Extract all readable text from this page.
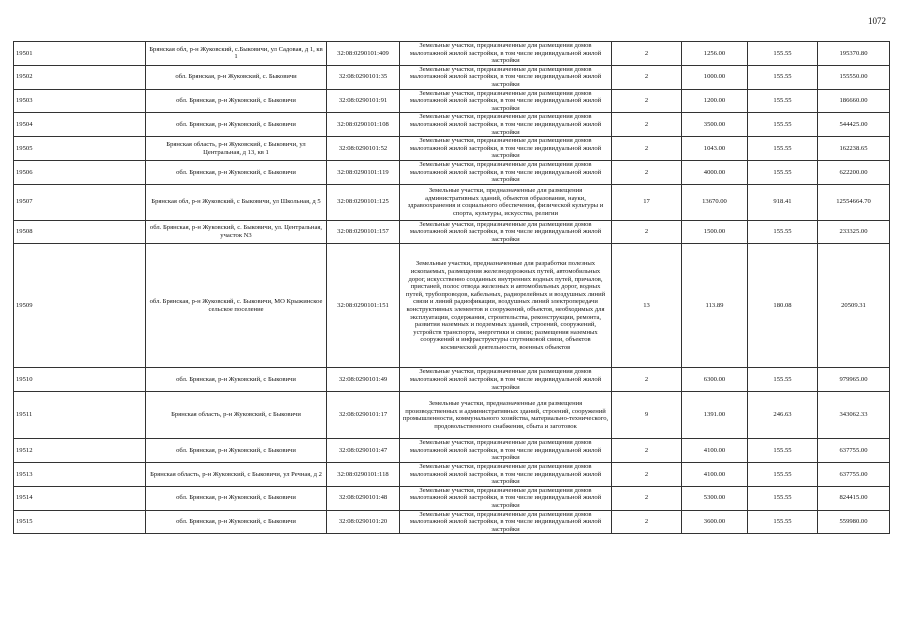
1072
19501	Брянская обл, р-н Жуковский, с.Быковичи, ул Садовая, д 1, кв 1	32:08:0290101:409	Земельные участки, предназначенные для размещения домов малоэтажной жилой застройки, в том числе индивидуальной жилой застройки	2	1256.00	155.55	195370.80
19502	обл. Брянская, р-н Жуковский, с. Быковичи	32:08:0290101:35	Земельные участки, предназначенные для размещения домов малоэтажной жилой застройки, в том числе индивидуальной жилой застройки	2	1000.00	155.55	155550.00
19503	обл. Брянская, р-н Жуковский, с Быковичи	32:08:0290101:91	Земельные участки, предназначенные для размещения домов малоэтажной жилой застройки, в том числе индивидуальной жилой застройки	2	1200.00	155.55	186660.00
19504	обл. Брянская, р-н Жуковский, с Быковичи	32:08:0290101:108	Земельные участки, предназначенные для размещения домов малоэтажной жилой застройки, в том числе индивидуальной жилой застройки	2	3500.00	155.55	544425.00
19505	Брянская область, р-н Жуковский, с Быковичи, ул Центральная, д 13, кв 1	32:08:0290101:52	Земельные участки, предназначенные для размещения домов малоэтажной жилой застройки, в том числе индивидуальной жилой застройки	2	1043.00	155.55	162238.65
19506	обл. Брянская, р-н Жуковский, с Быковичи	32:08:0290101:119	Земельные участки, предназначенные для размещения домов малоэтажной жилой застройки, в том числе индивидуальной жилой застройки	2	4000.00	155.55	622200.00
19507	Брянская обл, р-н Жуковский, с Быковичи, ул Школьная, д 5	32:08:0290101:125	Земельные участки, предназначенные для размещения административных зданий, объектов образования, науки, здравоохранения и социального обеспечения, физической культуры и спорта, культуры, искусства, религии	17	13670.00	918.41	12554664.70
19508	обл. Брянская, р-н Жуковский, с. Быковичи, ул. Центральная, участок N3	32:08:0290101:157	Земельные участки, предназначенные для размещения домов малоэтажной жилой застройки, в том числе индивидуальной жилой застройки	2	1500.00	155.55	233325.00
19509	обл. Брянская, р-н Жуковский, с. Быковичи, МО Крыжинское сельское поселение	32:08:0290101:151	Земельные участки, предназначенные для разработки полезных ископаемых, размещения железнодорожных путей, автомобильных дорог, искусственно созданных внутренних водных путей, причалов, пристаней, полос отвода железных и автомобильных дорог, водных путей, трубопроводов, кабельных, радиорелейных и воздушных линий связи и линий радиофикации, воздушных линий электропередачи конструктивных элементов и сооружений, объектов, необходимых для эксплуатации, содержания, строительства, реконструкции, ремонта, развития наземных и подземных зданий, строений, сооружений, устройств транспорта, энергетики и связи; размещения наземных сооружений и инфраструктуры спутниковой связи, объектов космической деятельности, военных объектов	13	113.89	180.08	20509.31
19510	обл. Брянская, р-н Жуковский, с Быковичи	32:08:0290101:49	Земельные участки, предназначенные для размещения домов малоэтажной жилой застройки, в том числе индивидуальной жилой застройки	2	6300.00	155.55	979965.00
19511	Брянская область, р-н Жуковский, с Быковичи	32:08:0290101:17	Земельные участки, предназначенные для размещения производственных и административных зданий, строений, сооружений промышленности, коммунального хозяйства, материально-технического, продовольственного снабжения, сбыта и заготовок	9	1391.00	246.63	343062.33
19512	обл. Брянская, р-н Жуковский, с Быковичи	32:08:0290101:47	Земельные участки, предназначенные для размещения домов малоэтажной жилой застройки, в том числе индивидуальной жилой застройки	2	4100.00	155.55	637755.00
19513	Брянская область, р-н Жуковский, с Быковичи, ул Речная, д 2	32:08:0290101:118	Земельные участки, предназначенные для размещения домов малоэтажной жилой застройки, в том числе индивидуальной жилой застройки	2	4100.00	155.55	637755.00
19514	обл. Брянская, р-н Жуковский, с Быковичи	32:08:0290101:48	Земельные участки, предназначенные для размещения домов малоэтажной жилой застройки, в том числе индивидуальной жилой застройки	2	5300.00	155.55	824415.00
19515	обл. Брянская, р-н Жуковский, с Быковичи	32:08:0290101:20	Земельные участки, предназначенные для размещения домов малоэтажной жилой застройки, в том числе индивидуальной жилой застройки	2	3600.00	155.55	559980.00
